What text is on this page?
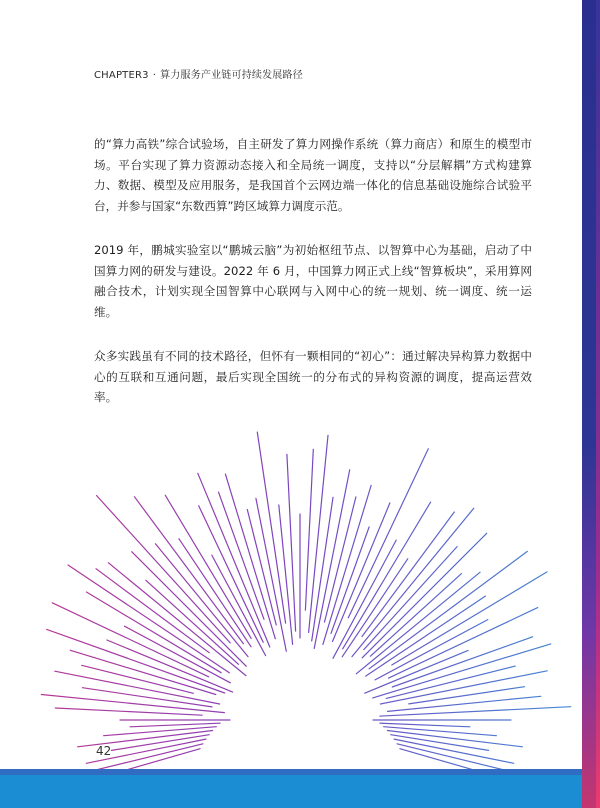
CHAPTER3 · 算力服务产业链可持续发展路径

的“算力高铁”综合试验场，自主研发了算力网操作系统（算力商店）和原生的模型市场。平台实现了算力资源动态接入和全局统一调度，支持以“分层解耦”方式构建算力、数据、模型及应用服务，是我国首个云网边端一体化的信息基础设施综合试验平台，并参与国家“东数西算”跨区域算力调度示范。

2019 年，鹏城实验室以“鹏城云脑”为初始枢纽节点、以智算中心为基础，启动了中国算力网的研发与建设。2022 年 6 月，中国算力网正式上线“智算板块”，采用算网融合技术，计划实现全国智算中心联网与入网中心的统一规划、统一调度、统一运维。

众多实践虽有不同的技术路径，但怀有一颗相同的“初心”：通过解决异构算力数据中心的互联和互通问题，最后实现全国统一的分布式的异构资源的调度，提高运营效率。

42
